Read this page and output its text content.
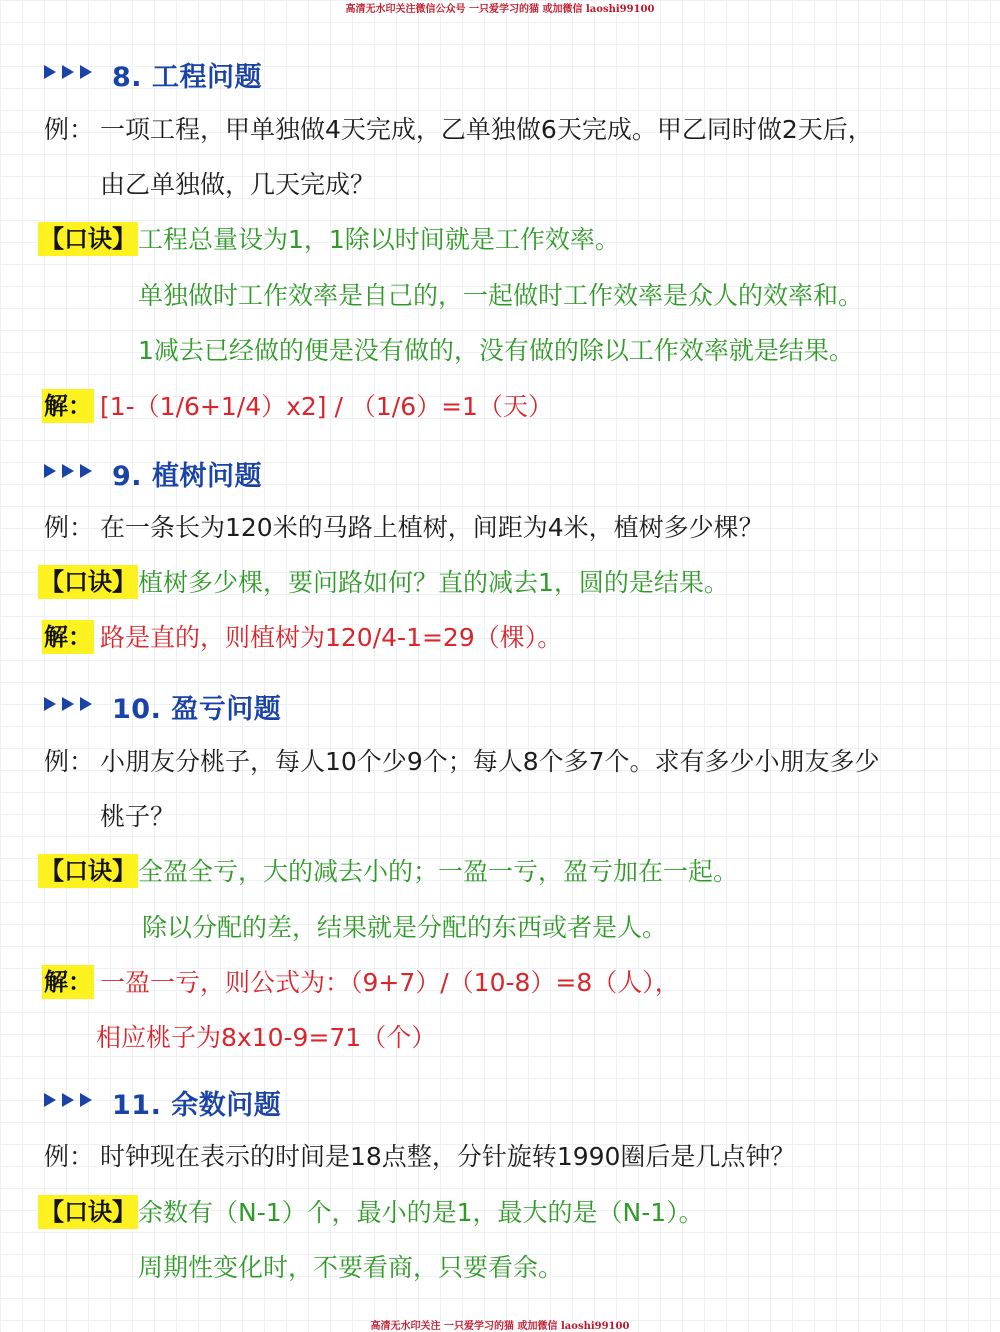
高清无水印关注微信公众号 一只爱学习的猫 或加微信 laoshi99100
8. 工程问题
例： 一项工程，甲单独做4天完成，乙单独做6天完成。甲乙同时做2天后，
由乙单独做，几天完成？
【口诀】 工程总量设为1，1除以时间就是工作效率。
单独做时工作效率是自己的，一起做时工作效率是众人的效率和。
1减去已经做的便是没有做的，没有做的除以工作效率就是结果。
解： [1-（1/6+1/4）x2] / （1/6）=1（天）
9. 植树问题
例： 在一条长为120米的马路上植树，间距为4米，植树多少棵？
【口诀】 植树多少棵，要问路如何？直的减去1，圆的是结果。
解： 路是直的，则植树为120/4-1=29（棵）。
10. 盈亏问题
例： 小朋友分桃子，每人10个少9个；每人8个多7个。求有多少小朋友多少
桃子？
【口诀】 全盈全亏，大的减去小的；一盈一亏，盈亏加在一起。
除以分配的差，结果就是分配的东西或者是人。
解： 一盈一亏，则公式为：（9+7）/（10-8）=8（人），
相应桃子为8x10-9=71（个）
11. 余数问题
例： 时钟现在表示的时间是18点整，分针旋转1990圈后是几点钟？
【口诀】 余数有（N-1）个，最小的是1，最大的是（N-1）。
周期性变化时，不要看商，只要看余。
高清无水印关注 一只爱学习的猫 或加微信 laoshi99100
